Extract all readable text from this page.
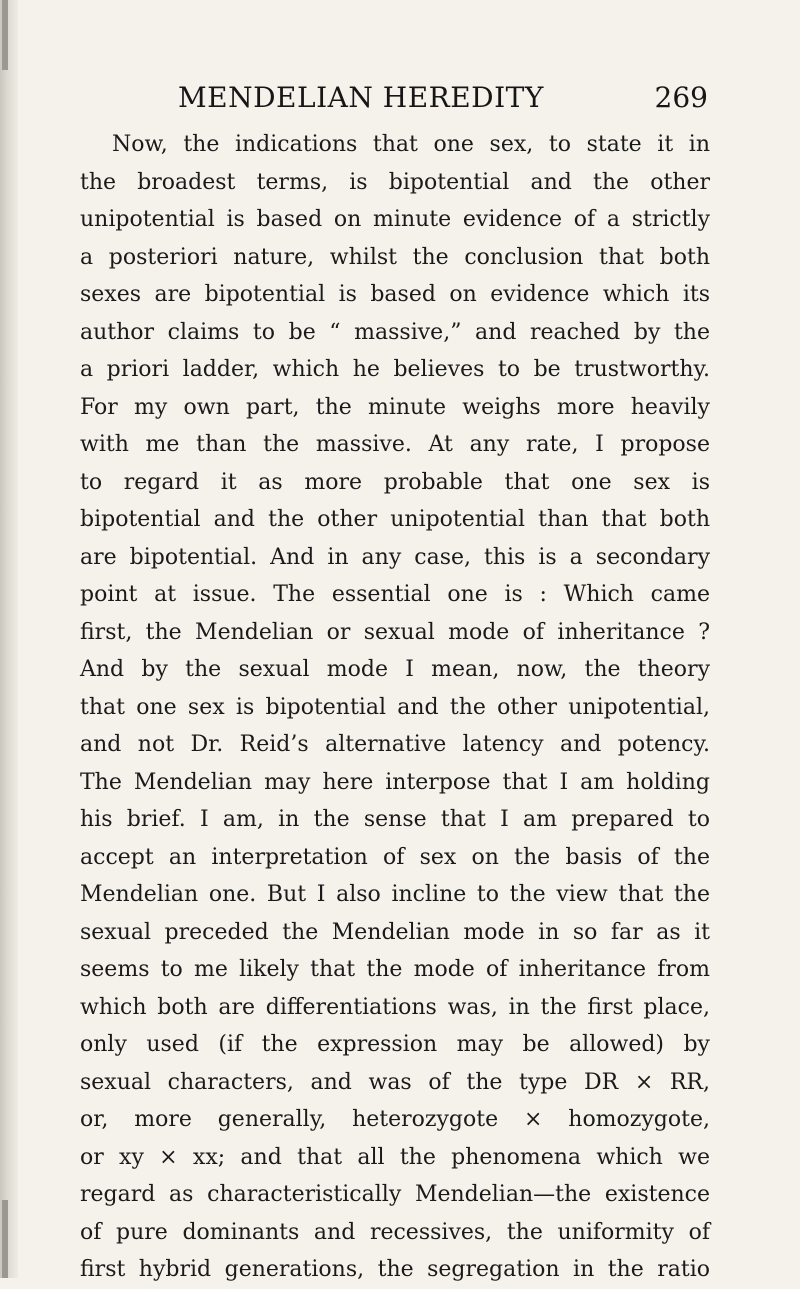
MENDELIAN HEREDITY	269
Now, the indications that one sex, to state it in
the broadest terms, is bipotential and the other
unipotential is based on minute evidence of a strictly
a posteriori nature, whilst the conclusion that both
sexes are bipotential is based on evidence which its
author claims to be “ massive,” and reached by the
a priori ladder, which he believes to be trustworthy.
For my own part, the minute weighs more heavily
with me than the massive. At any rate, I propose
to regard it as more probable that one sex is
bipotential and the other unipotential than that both
are bipotential. And in any case, this is a secondary
point at issue. The essential one is : Which came
first, the Mendelian or sexual mode of inheritance ?
And by the sexual mode I mean, now, the theory
that one sex is bipotential and the other unipotential,
and not Dr. Reid’s alternative latency and potency.
The Mendelian may here interpose that I am holding
his brief. I am, in the sense that I am prepared to
accept an interpretation of sex on the basis of the
Mendelian one. But I also incline to the view that the
sexual preceded the Mendelian mode in so far as it
seems to me likely that the mode of inheritance from
which both are differentiations was, in the first place,
only used (if the expression may be allowed) by
sexual characters, and was of the type DR × RR,
or, more generally, heterozygote × homozygote,
or xy × xx; and that all the phenomena which we
regard as characteristically Mendelian—the existence
of pure dominants and recessives, the uniformity of
first hybrid generations, the segregation in the ratio
